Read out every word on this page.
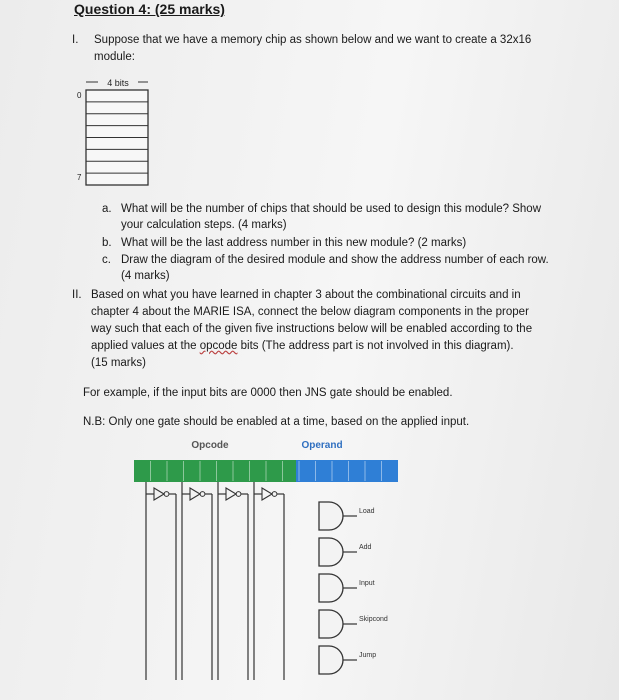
Question 4: (25 marks)
I. Suppose that we have a memory chip as shown below and we want to create a 32x16
module:
4 bits
0
7
a. What will be the number of chips that should be used to design this module? Show
your calculation steps. (4 marks)
b. What will be the last address number in this new module? (2 marks)
c. Draw the diagram of the desired module and show the address number of each row.
(4 marks)
II. Based on what you have learned in chapter 3 about the combinational circuits and in
chapter 4 about the MARIE ISA, connect the below diagram components in the proper
way such that each of the given five instructions below will be enabled according to the
applied values at the opcode bits (The address part is not involved in this diagram).
(15 marks)
For example, if the input bits are 0000 then JNS gate should be enabled.
N.B: Only one gate should be enabled at a time, based on the applied input.
Opcode	Operand
Load
Add
Input
Skipcond
Jump
